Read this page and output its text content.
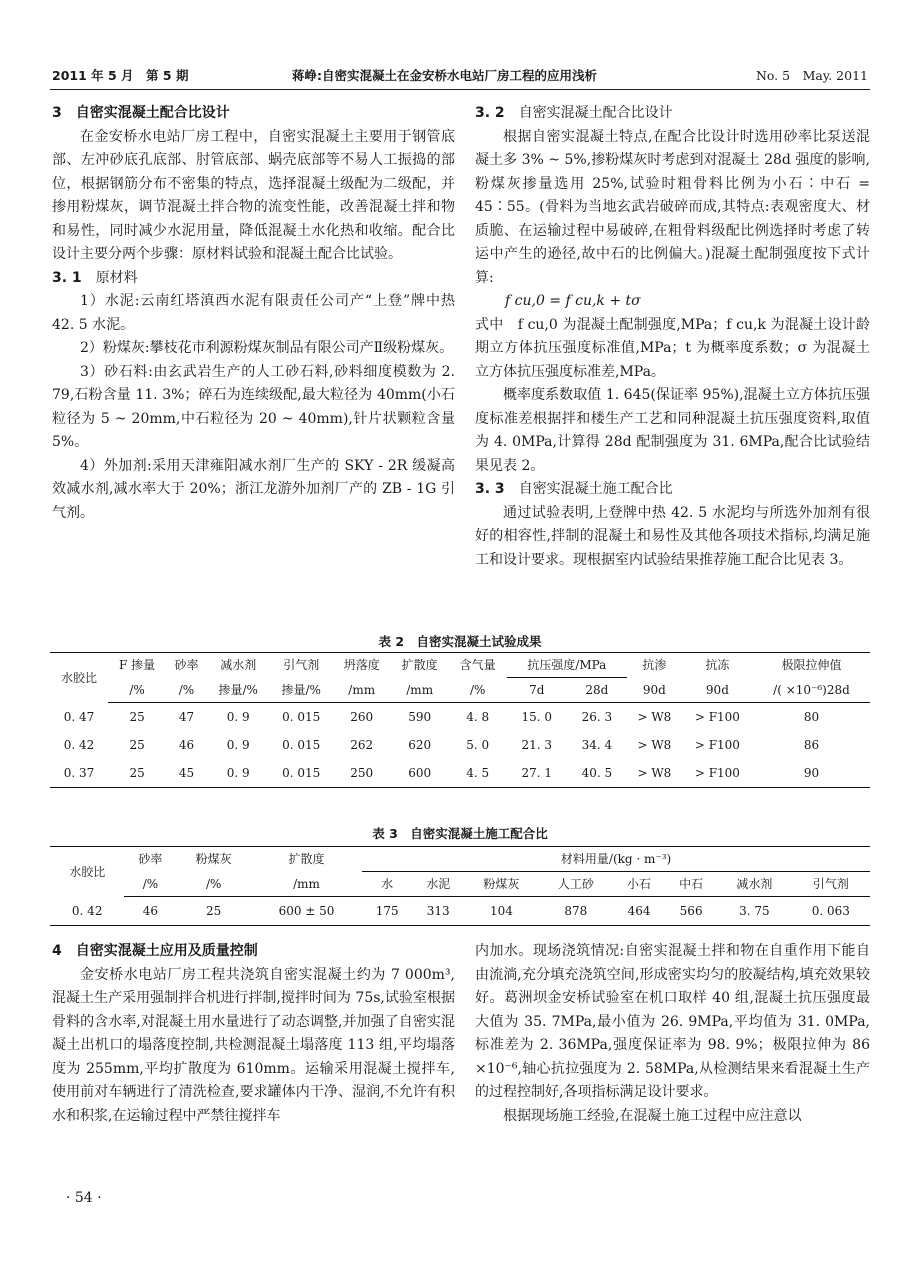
2011 年 5 月　第 5 期	蒋峥:自密实混凝土在金安桥水电站厂房工程的应用浅析	No. 5　May. 2011

3　自密实混凝土配合比设计

在金安桥水电站厂房工程中，自密实混凝土主要用于钢管底部、左冲砂底孔底部、肘管底部、蜗壳底部等不易人工振捣的部位，根据钢筋分布不密集的特点，选择混凝土级配为二级配，并掺用粉煤灰，调节混凝土拌合物的流变性能，改善混凝土拌和物和易性，同时减少水泥用量，降低混凝土水化热和收缩。配合比设计主要分两个步骤：原材料试验和混凝土配合比试验。

3. 1 原材料

1）水泥:云南红塔滇西水泥有限责任公司产“上登”牌中热 42. 5 水泥。

2）粉煤灰:攀枝花市利源粉煤灰制品有限公司产Ⅱ级粉煤灰。

3）砂石料:由玄武岩生产的人工砂石料,砂料细度模数为 2. 79,石粉含量 11. 3%；碎石为连续级配,最大粒径为 40mm(小石粒径为 5 ~ 20mm,中石粒径为 20 ~ 40mm),针片状颗粒含量 5%。

4）外加剂:采用天津雍阳减水剂厂生产的 SKY - 2R 缓凝高效减水剂,减水率大于 20%；浙江龙游外加剂厂产的 ZB - 1G 引气剂。

3. 2 自密实混凝土配合比设计

根据自密实混凝土特点,在配合比设计时选用砂率比泵送混凝土多 3% ~ 5%,掺粉煤灰时考虑到对混凝土 28d 强度的影响,粉煤灰掺量选用 25%,试验时粗骨料比例为小石∶中石 = 45∶55。(骨料为当地玄武岩破碎而成,其特点:表观密度大、材质脆、在运输过程中易破碎,在粗骨料级配比例选择时考虑了转运中产生的逊径,故中石的比例偏大。)混凝土配制强度按下式计算:

f cu,0 = f cu,k + tσ

式中　f cu,0 为混凝土配制强度,MPa；f cu,k 为混凝土设计龄期立方体抗压强度标准值,MPa；t 为概率度系数；σ 为混凝土立方体抗压强度标准差,MPa。

概率度系数取值 1. 645(保证率 95%),混凝土立方体抗压强度标准差根据拌和楼生产工艺和同种混凝土抗压强度资料,取值为 4. 0MPa,计算得 28d 配制强度为 31. 6MPa,配合比试验结果见表 2。

3. 3 自密实混凝土施工配合比

通过试验表明,上登牌中热 42. 5 水泥均与所选外加剂有很好的相容性,拌制的混凝土和易性及其他各项技术指标,均满足施工和设计要求。现根据室内试验结果推荐施工配合比见表 3。

表 2　自密实混凝土试验成果
水胶比	F 掺量	砂率	减水剂	引气剂	坍落度	扩散度	含气量	抗压强度/MPa		抗渗	抗冻	极限拉伸值
	/%	/%	掺量/%	掺量/%	/mm	/mm	/%	7d	28d	90d	90d	/( ×10⁻⁶)28d
0. 47	25	47	0. 9	0. 015	260	590	4. 8	15. 0	26. 3	> W8	> F100	80
0. 42	25	46	0. 9	0. 015	262	620	5. 0	21. 3	34. 4	> W8	> F100	86
0. 37	25	45	0. 9	0. 015	250	600	4. 5	27. 1	40. 5	> W8	> F100	90
表 3　自密实混凝土施工配合比
水胶比	砂率	粉煤灰	扩散度	材料用量/(kg · m⁻³)							
	/%	/%	/mm	水	水泥	粉煤灰	人工砂	小石	中石	减水剂	引气剂
0. 42	46	25	600 ± 50	175	313	104	878	464	566	3. 75	0. 063

4　自密实混凝土应用及质量控制

金安桥水电站厂房工程共浇筑自密实混凝土约为 7 000m³,混凝土生产采用强制拌合机进行拌制,搅拌时间为 75s,试验室根据骨料的含水率,对混凝土用水量进行了动态调整,并加强了自密实混凝土出机口的塌落度控制,共检测混凝土塌落度 113 组,平均塌落度为 255mm,平均扩散度为 610mm。运输采用混凝土搅拌车,使用前对车辆进行了清洗检查,要求罐体内干净、湿润,不允许有积水和积浆,在运输过程中严禁往搅拌车

内加水。现场浇筑情况:自密实混凝土拌和物在自重作用下能自由流淌,充分填充浇筑空间,形成密实均匀的胶凝结构,填充效果较好。葛洲坝金安桥试验室在机口取样 40 组,混凝土抗压强度最大值为 35. 7MPa,最小值为 26. 9MPa,平均值为 31. 0MPa,标准差为 2. 36MPa,强度保证率为 98. 9%；极限拉伸为 86 ×10⁻⁶,轴心抗拉强度为 2. 58MPa,从检测结果来看混凝土生产的过程控制好,各项指标满足设计要求。

根据现场施工经验,在混凝土施工过程中应注意以

· 54 ·
